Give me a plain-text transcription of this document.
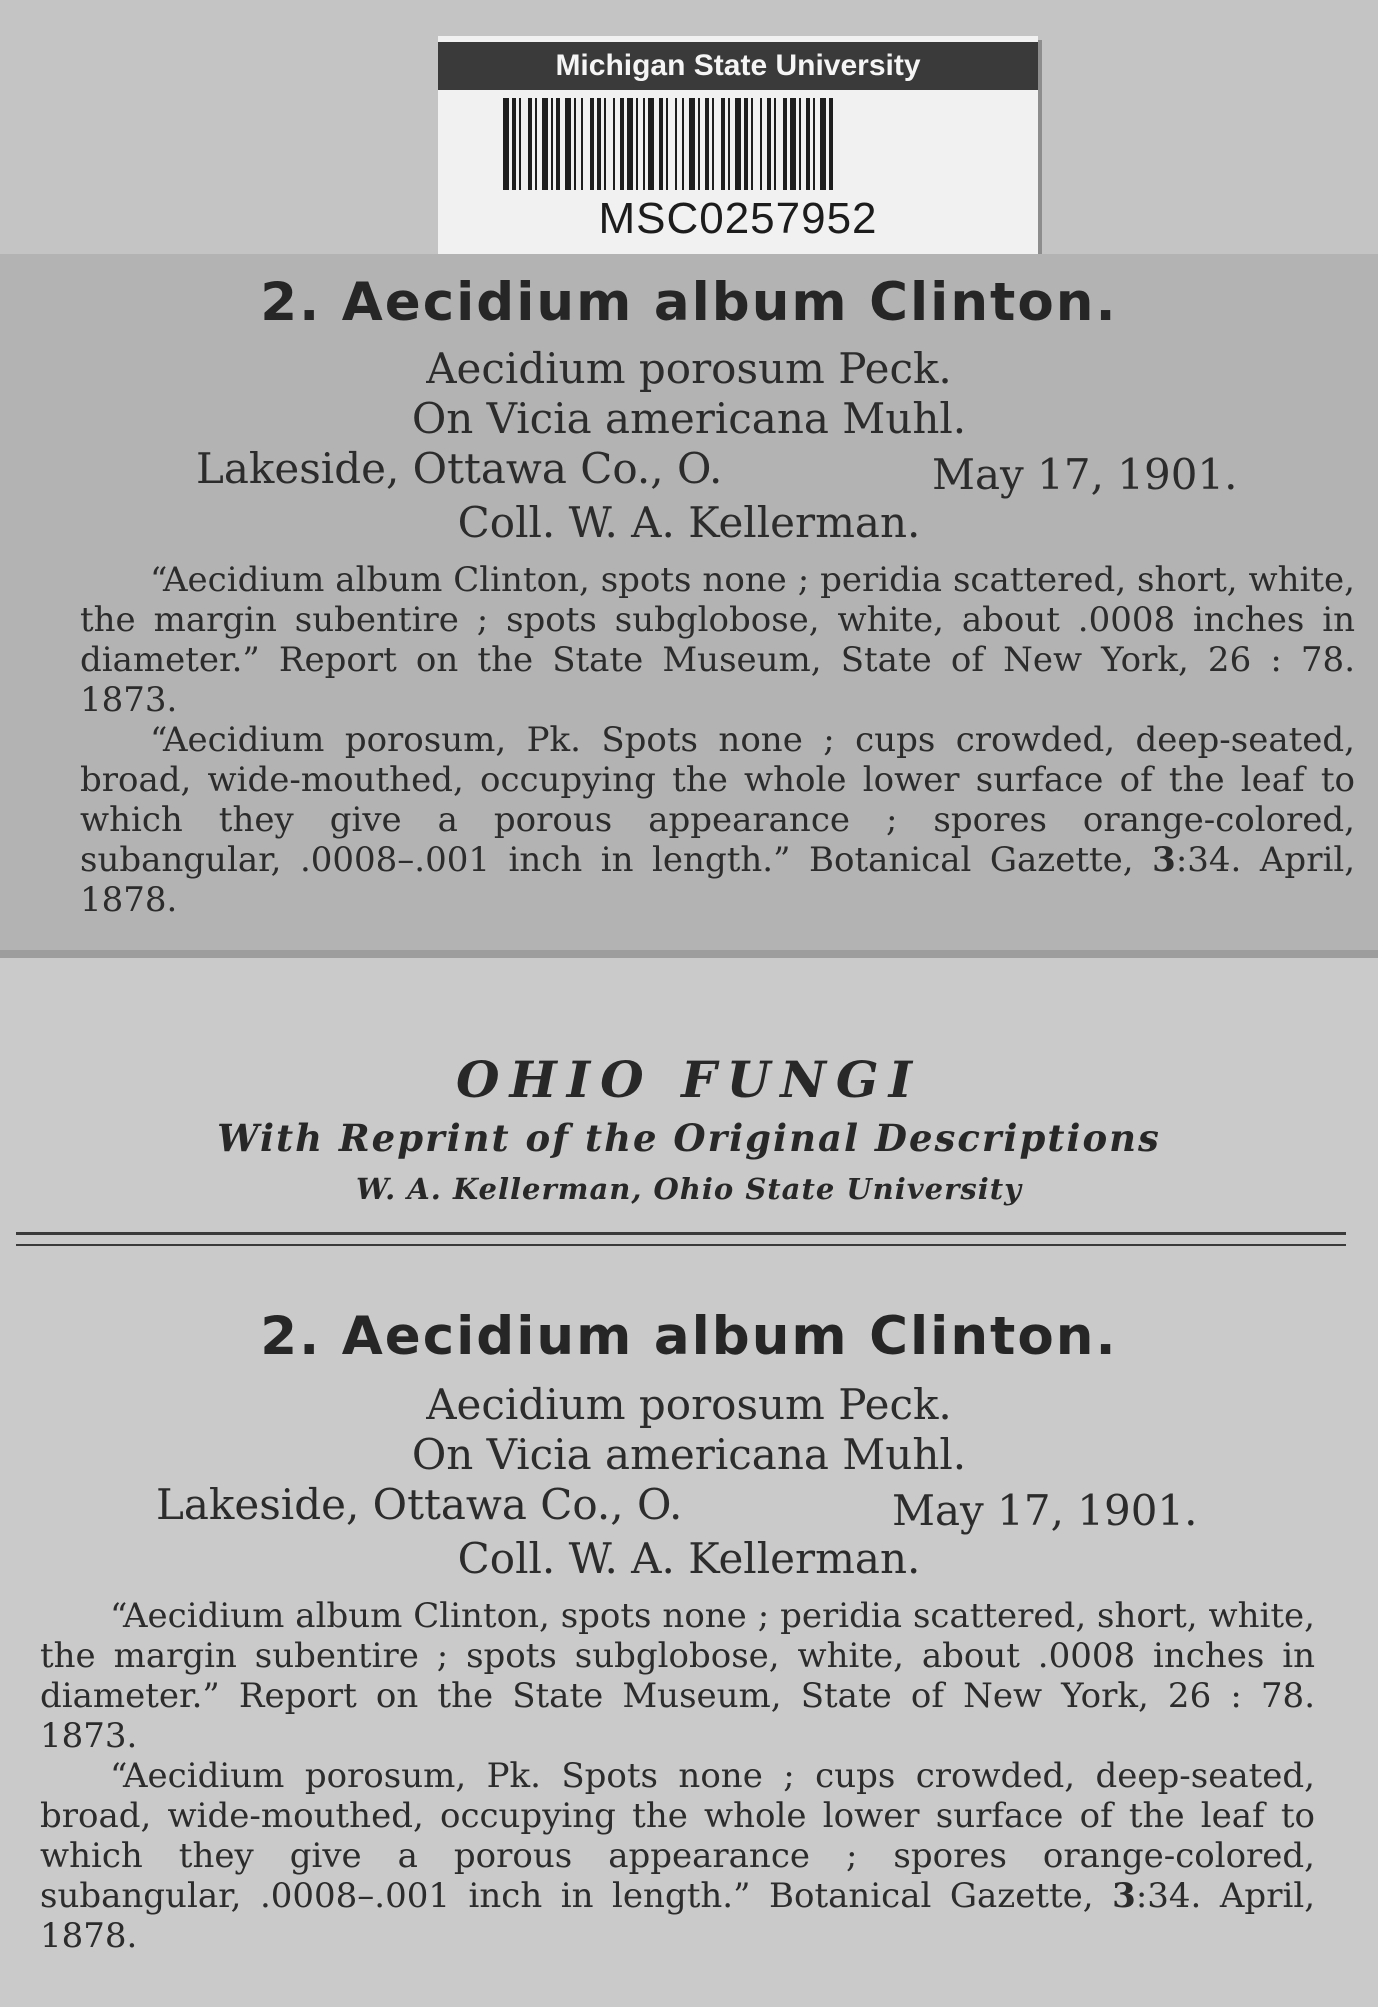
Michigan State University
MSC0257952
2. Aecidium album Clinton.
Aecidium porosum Peck.
On Vicia americana Muhl.
Lakeside, Ottawa Co., O.	May 17, 1901.
Coll. W. A. Kellerman.

“Aecidium album Clinton, spots none ; peridia scattered, short, white, the margin subentire ; spots subglobose, white, about .0008 inches in diameter.” Report on the State Museum, State of New York, 26 : 78. 1873.

“Aecidium porosum, Pk. Spots none ; cups crowded, deep-seated, broad, wide-mouthed, occupying the whole lower surface of the leaf to which they give a porous appearance ; spores orange-colored, subangular, .0008–.001 inch in length.” Botanical Gazette, 3:34. April, 1878.

OHIO FUNGI
With Reprint of the Original Descriptions
W. A. Kellerman, Ohio State University
2. Aecidium album Clinton.
Aecidium porosum Peck.
On Vicia americana Muhl.
Lakeside, Ottawa Co., O.	May 17, 1901.
Coll. W. A. Kellerman.

“Aecidium album Clinton, spots none ; peridia scattered, short, white, the margin subentire ; spots subglobose, white, about .0008 inches in diameter.” Report on the State Museum, State of New York, 26 : 78. 1873.

“Aecidium porosum, Pk. Spots none ; cups crowded, deep-seated, broad, wide-mouthed, occupying the whole lower surface of the leaf to which they give a porous appearance ; spores orange-colored, subangular, .0008–.001 inch in length.” Botanical Gazette, 3:34. April, 1878.
